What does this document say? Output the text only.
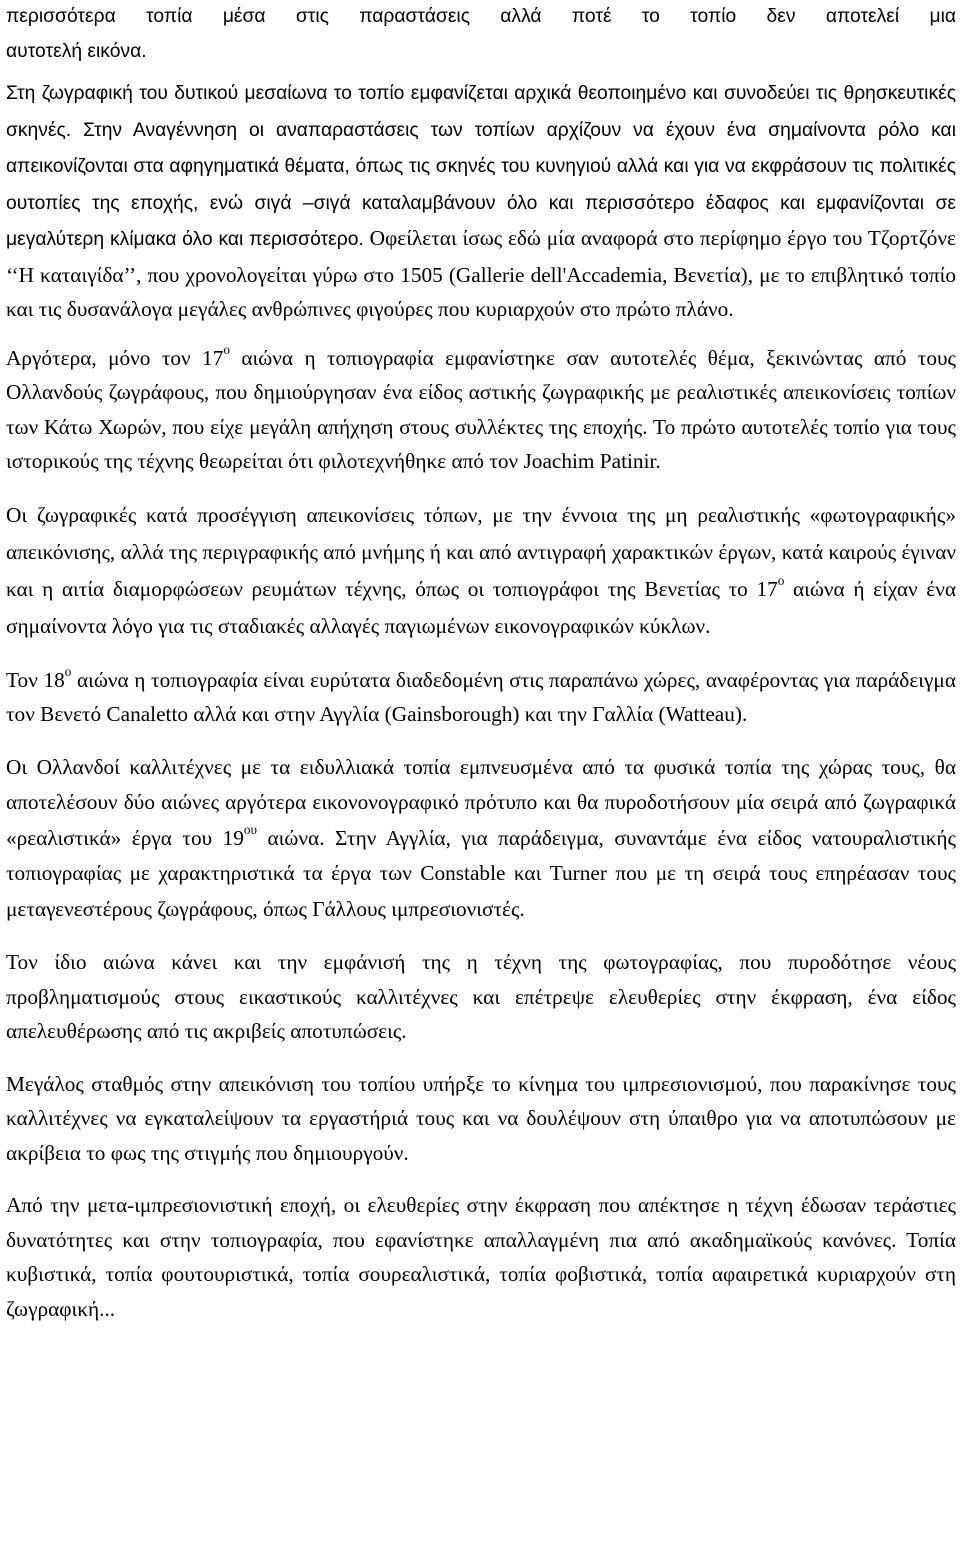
περισσότερα τοπία μέσα στις παραστάσεις αλλά ποτέ το τοπίο δεν αποτελεί μια
αυτοτελή εικόνα.

Στη ζωγραφική του δυτικού μεσαίωνα το τοπίο εμφανίζεται αρχικά θεοποιημένο και συνοδεύει τις θρησκευτικές σκηνές. Στην Αναγέννηση οι αναπαραστάσεις των τοπίων αρχίζουν να έχουν ένα σημαίνοντα ρόλο και απεικονίζονται στα αφηγηματικά θέματα, όπως τις σκηνές του κυνηγιού αλλά και για να εκφράσουν τις πολιτικές ουτοπίες της εποχής, ενώ σιγά –σιγά καταλαμβάνουν όλο και περισσότερο έδαφος και εμφανίζονται σε μεγαλύτερη κλίμακα όλο και περισσότερο. Οφείλεται ίσως εδώ μία αναφορά στο περίφημο έργο του Τζορτζόνε ‘‘Η καταιγίδα’’, που χρονολογείται γύρω στο 1505 (Gallerie dell'Accademia, Βενετία), με το επιβλητικό τοπίο και τις δυσανάλογα μεγάλες ανθρώπινες φιγούρες που κυριαρχούν στο πρώτο πλάνο.

Αργότερα, μόνο τον $17^o$ αιώνα η τοπιογραφία εμφανίστηκε σαν αυτοτελές θέμα, ξεκινώντας από τους Ολλανδούς ζωγράφους, που δημιούργησαν ένα είδος αστικής ζωγραφικής με ρεαλιστικές απεικονίσεις τοπίων των Κάτω Χωρών, που είχε μεγάλη απήχηση στους συλλέκτες της εποχής. Το πρώτο αυτοτελές τοπίο για τους ιστορικούς της τέχνης θεωρείται ότι φιλοτεχνήθηκε από τον Joachim Patinir.

Οι ζωγραφικές κατά προσέγγιση απεικονίσεις τόπων, με την έννοια της μη ρεαλιστικής «φωτογραφικής» απεικόνισης, αλλά της περιγραφικής από μνήμης ή και από αντιγραφή χαρακτικών έργων, κατά καιρούς έγιναν και η αιτία διαμορφώσεων ρευμάτων τέχνης, όπως οι τοπιογράφοι της Βενετίας το $17^o$ αιώνα ή είχαν ένα σημαίνοντα λόγο για τις σταδιακές αλλαγές παγιωμένων εικονογραφικών κύκλων.

Τον $18^o$ αιώνα η τοπιογραφία είναι ευρύτατα διαδεδομένη στις παραπάνω χώρες, αναφέροντας για παράδειγμα τον Βενετό Canaletto αλλά και στην Αγγλία (Gainsborough) και την Γαλλία (Watteau).

Οι Ολλανδοί καλλιτέχνες με τα ειδυλλιακά τοπία εμπνευσμένα από τα φυσικά τοπία της χώρας τους, θα αποτελέσουν δύο αιώνες αργότερα εικονονογραφικό πρότυπο και θα πυροδοτήσουν μία σειρά από ζωγραφικά «ρεαλιστικά» έργα του $19^{o\upsilon}$ αιώνα. Στην Αγγλία, για παράδειγμα, συναντάμε ένα είδος νατουραλιστικής τοπιογραφίας με χαρακτηριστικά τα έργα των Constable και Turner που με τη σειρά τους επηρέασαν τους μεταγενεστέρους ζωγράφους, όπως Γάλλους ιμπρεσιονιστές.

Τον ίδιο αιώνα κάνει και την εμφάνισή της η τέχνη της φωτογραφίας, που πυροδότησε νέους προβληματισμούς στους εικαστικούς καλλιτέχνες και επέτρεψε ελευθερίες στην έκφραση, ένα είδος απελευθέρωσης από τις ακριβείς αποτυπώσεις.

Μεγάλος σταθμός στην απεικόνιση του τοπίου υπήρξε το κίνημα του ιμπρεσιονισμού, που παρακίνησε τους καλλιτέχνες να εγκαταλείψουν τα εργαστήριά τους και να δουλέψουν στη ύπαιθρο για να αποτυπώσουν με ακρίβεια το φως της στιγμής που δημιουργούν.

Από την μετα-ιμπρεσιονιστική εποχή, οι ελευθερίες στην έκφραση που απέκτησε η τέχνη έδωσαν τεράστιες δυνατότητες και στην τοπιογραφία, που εφανίστηκε απαλλαγμένη πια από ακαδημαϊκούς κανόνες. Τοπία κυβιστικά, τοπία φουτουριστικά, τοπία σουρεαλιστικά, τοπία φοβιστικά, τοπία αφαιρετικά κυριαρχούν στη ζωγραφική...
